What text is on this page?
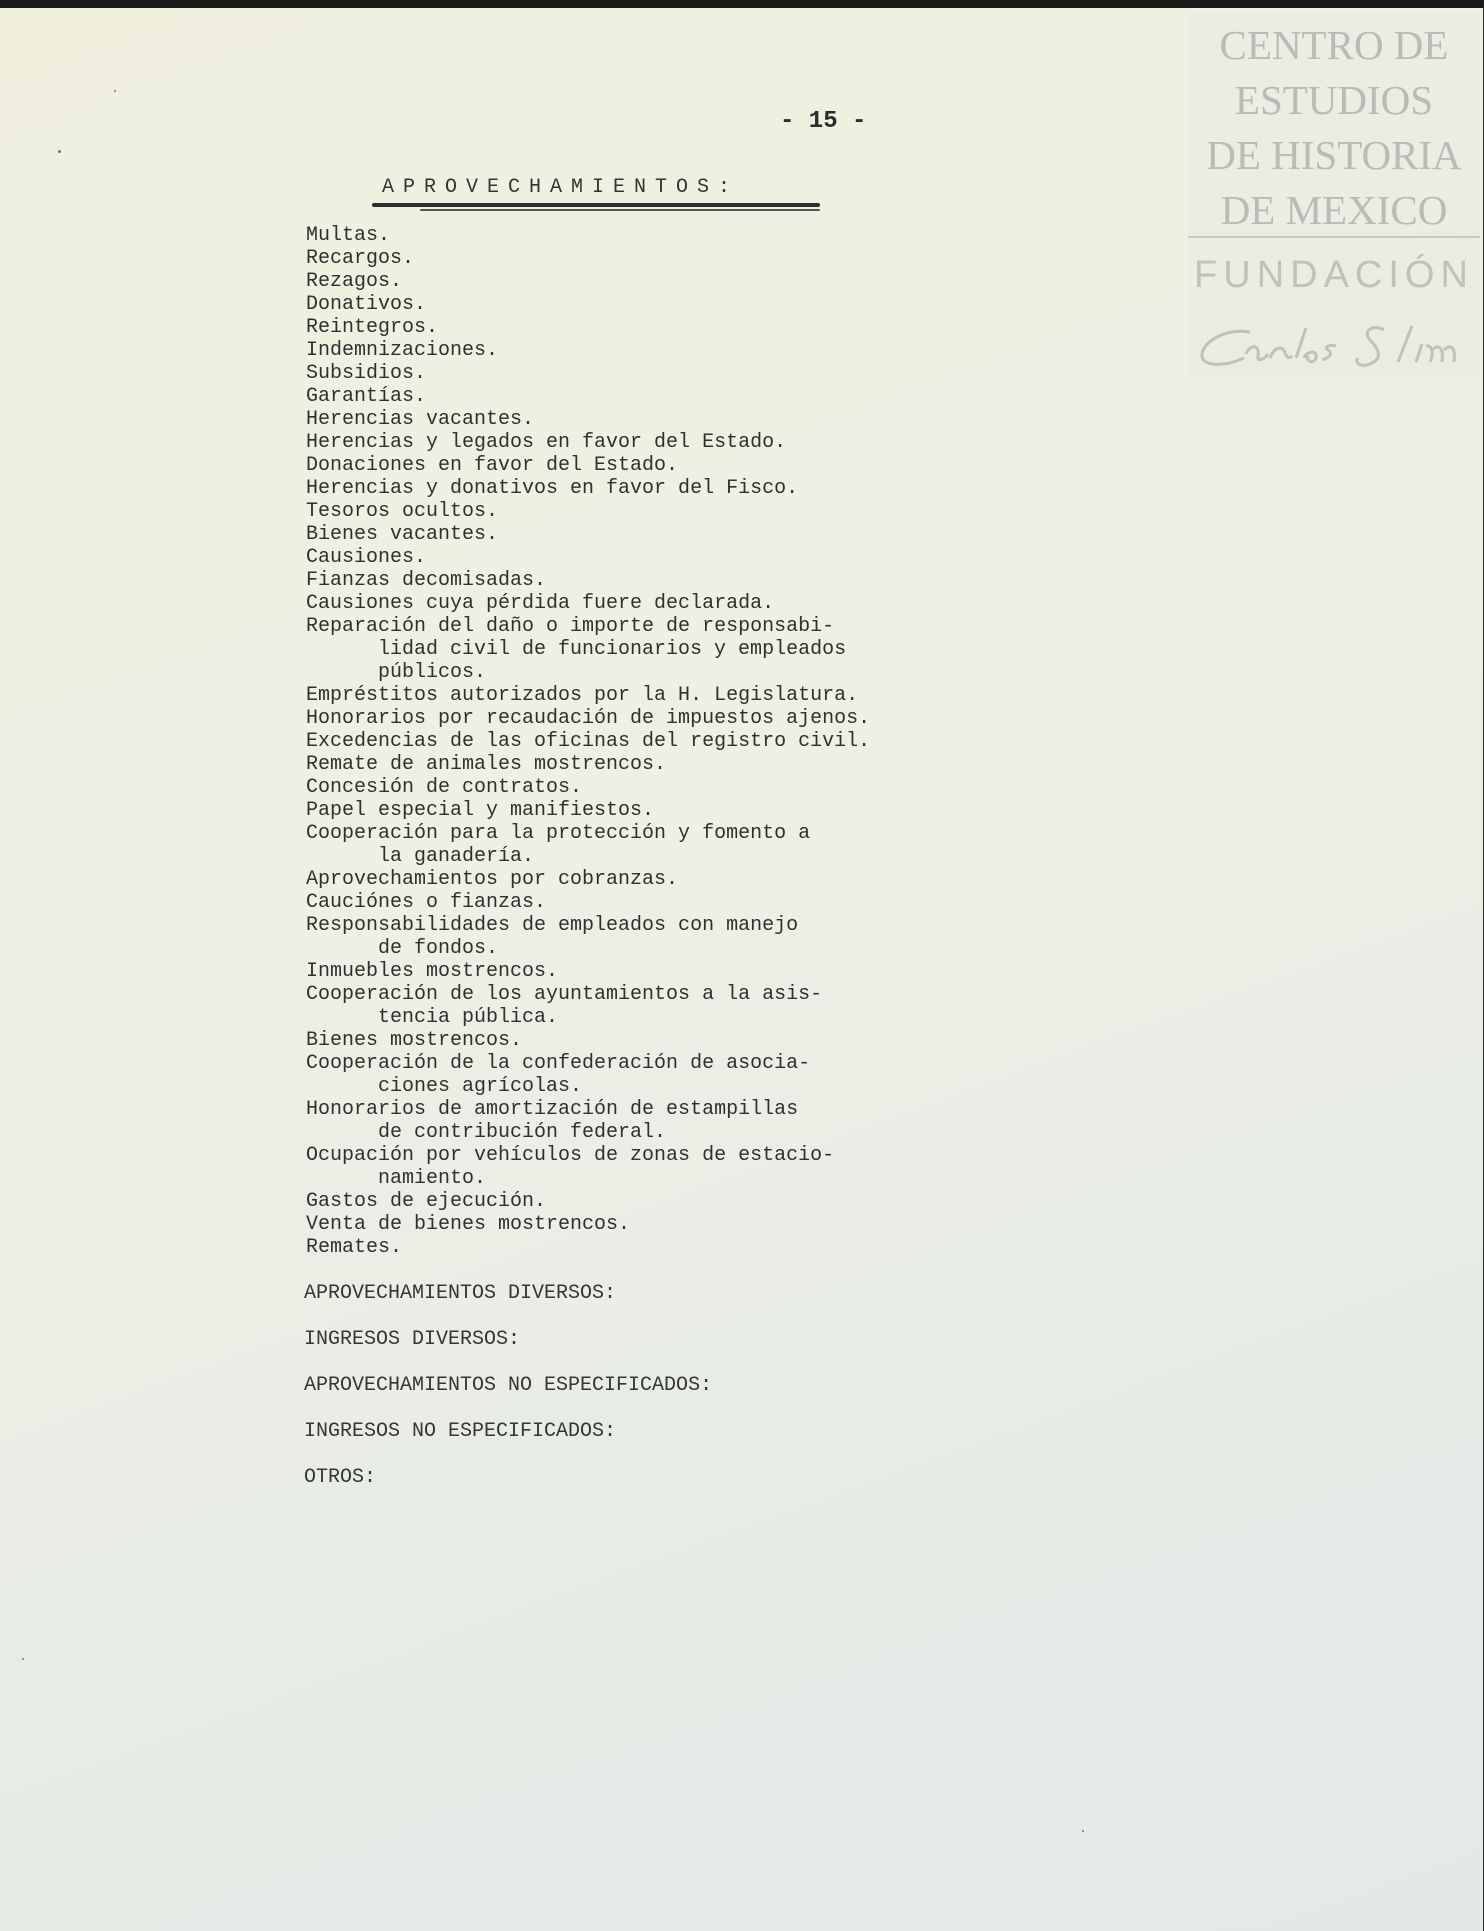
CENTRO DE
ESTUDIOS
DE HISTORIA
DE MEXICO
FUNDACIÓN
- 15 -
APROVECHAMIENTOS:
Multas.
Recargos.
Rezagos.
Donativos.
Reintegros.
Indemnizaciones.
Subsidios.
Garantías.
Herencias vacantes.
Herencias y legados en favor del Estado.
Donaciones en favor del Estado.
Herencias y donativos en favor del Fisco.
Tesoros ocultos.
Bienes vacantes.
Causiones.
Fianzas decomisadas.
Causiones cuya pérdida fuere declarada.
Reparación del daño o importe de responsabi-
lidad civil de funcionarios y empleados
públicos.
Empréstitos autorizados por la H. Legislatura.
Honorarios por recaudación de impuestos ajenos.
Excedencias de las oficinas del registro civil.
Remate de animales mostrencos.
Concesión de contratos.
Papel especial y manifiestos.
Cooperación para la protección y fomento a
la ganadería.
Aprovechamientos por cobranzas.
Cauciónes o fianzas.
Responsabilidades de empleados con manejo
de fondos.
Inmuebles mostrencos.
Cooperación de los ayuntamientos a la asis-
tencia pública.
Bienes mostrencos.
Cooperación de la confederación de asocia-
ciones agrícolas.
Honorarios de amortización de estampillas
de contribución federal.
Ocupación por vehículos de zonas de estacio-
namiento.
Gastos de ejecución.
Venta de bienes mostrencos.
Remates.
APROVECHAMIENTOS DIVERSOS:
INGRESOS DIVERSOS:
APROVECHAMIENTOS NO ESPECIFICADOS:
INGRESOS NO ESPECIFICADOS:
OTROS:
